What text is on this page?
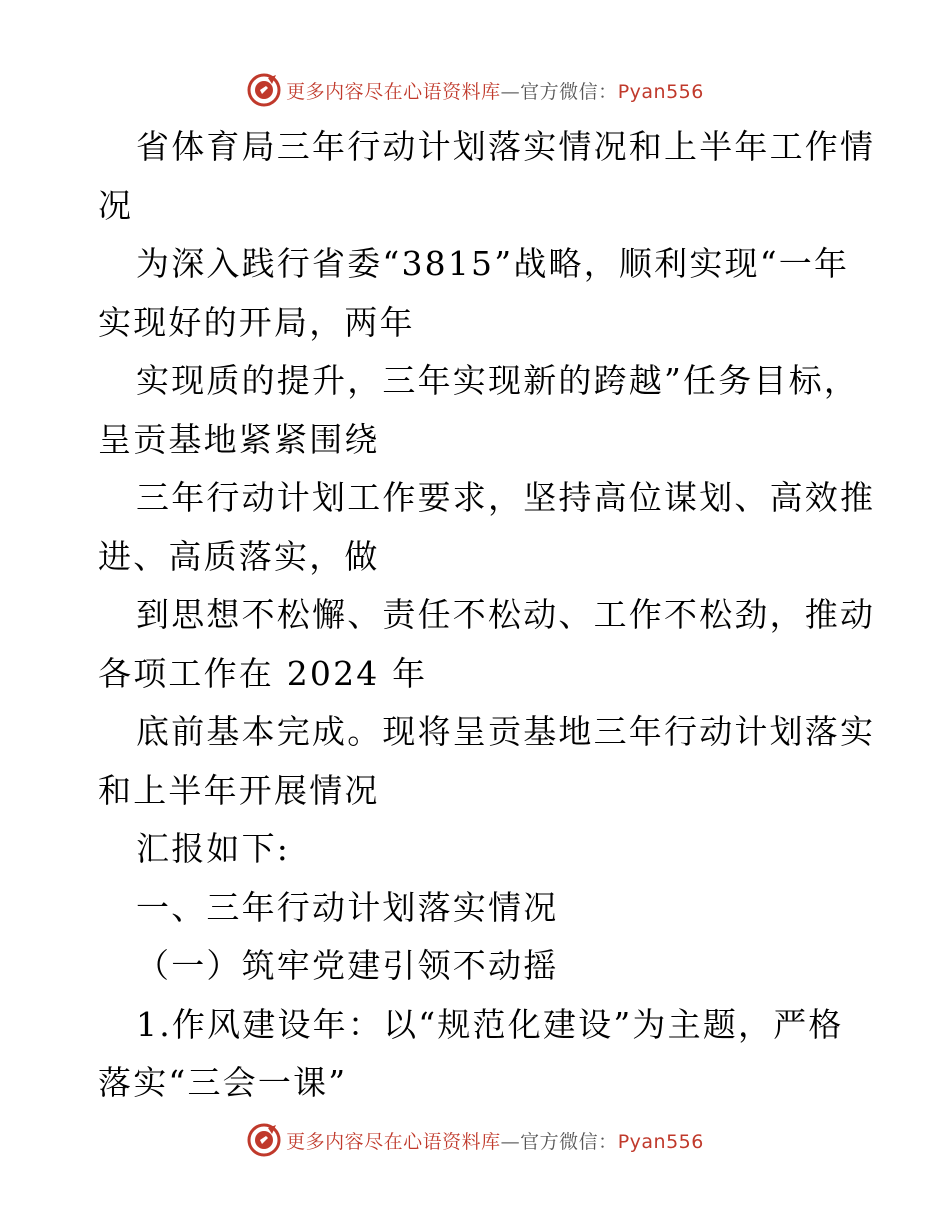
更多内容尽在心语资料库—官方微信：Pyan556
省体育局三年行动计划落实情况和上半年工作情
况
为深入践行省委“3815”战略，顺利实现“一年
实现好的开局，两年
实现质的提升，三年实现新的跨越”任务目标，
呈贡基地紧紧围绕
三年行动计划工作要求，坚持高位谋划、高效推
进、高质落实，做
到思想不松懈、责任不松动、工作不松劲，推动
各项工作在 2024 年
底前基本完成。现将呈贡基地三年行动计划落实
和上半年开展情况
汇报如下:
一、三年行动计划落实情况
（一）筑牢党建引领不动摇
1.作风建设年：以“规范化建设”为主题，严格
落实“三会一课”
更多内容尽在心语资料库—官方微信：Pyan556
